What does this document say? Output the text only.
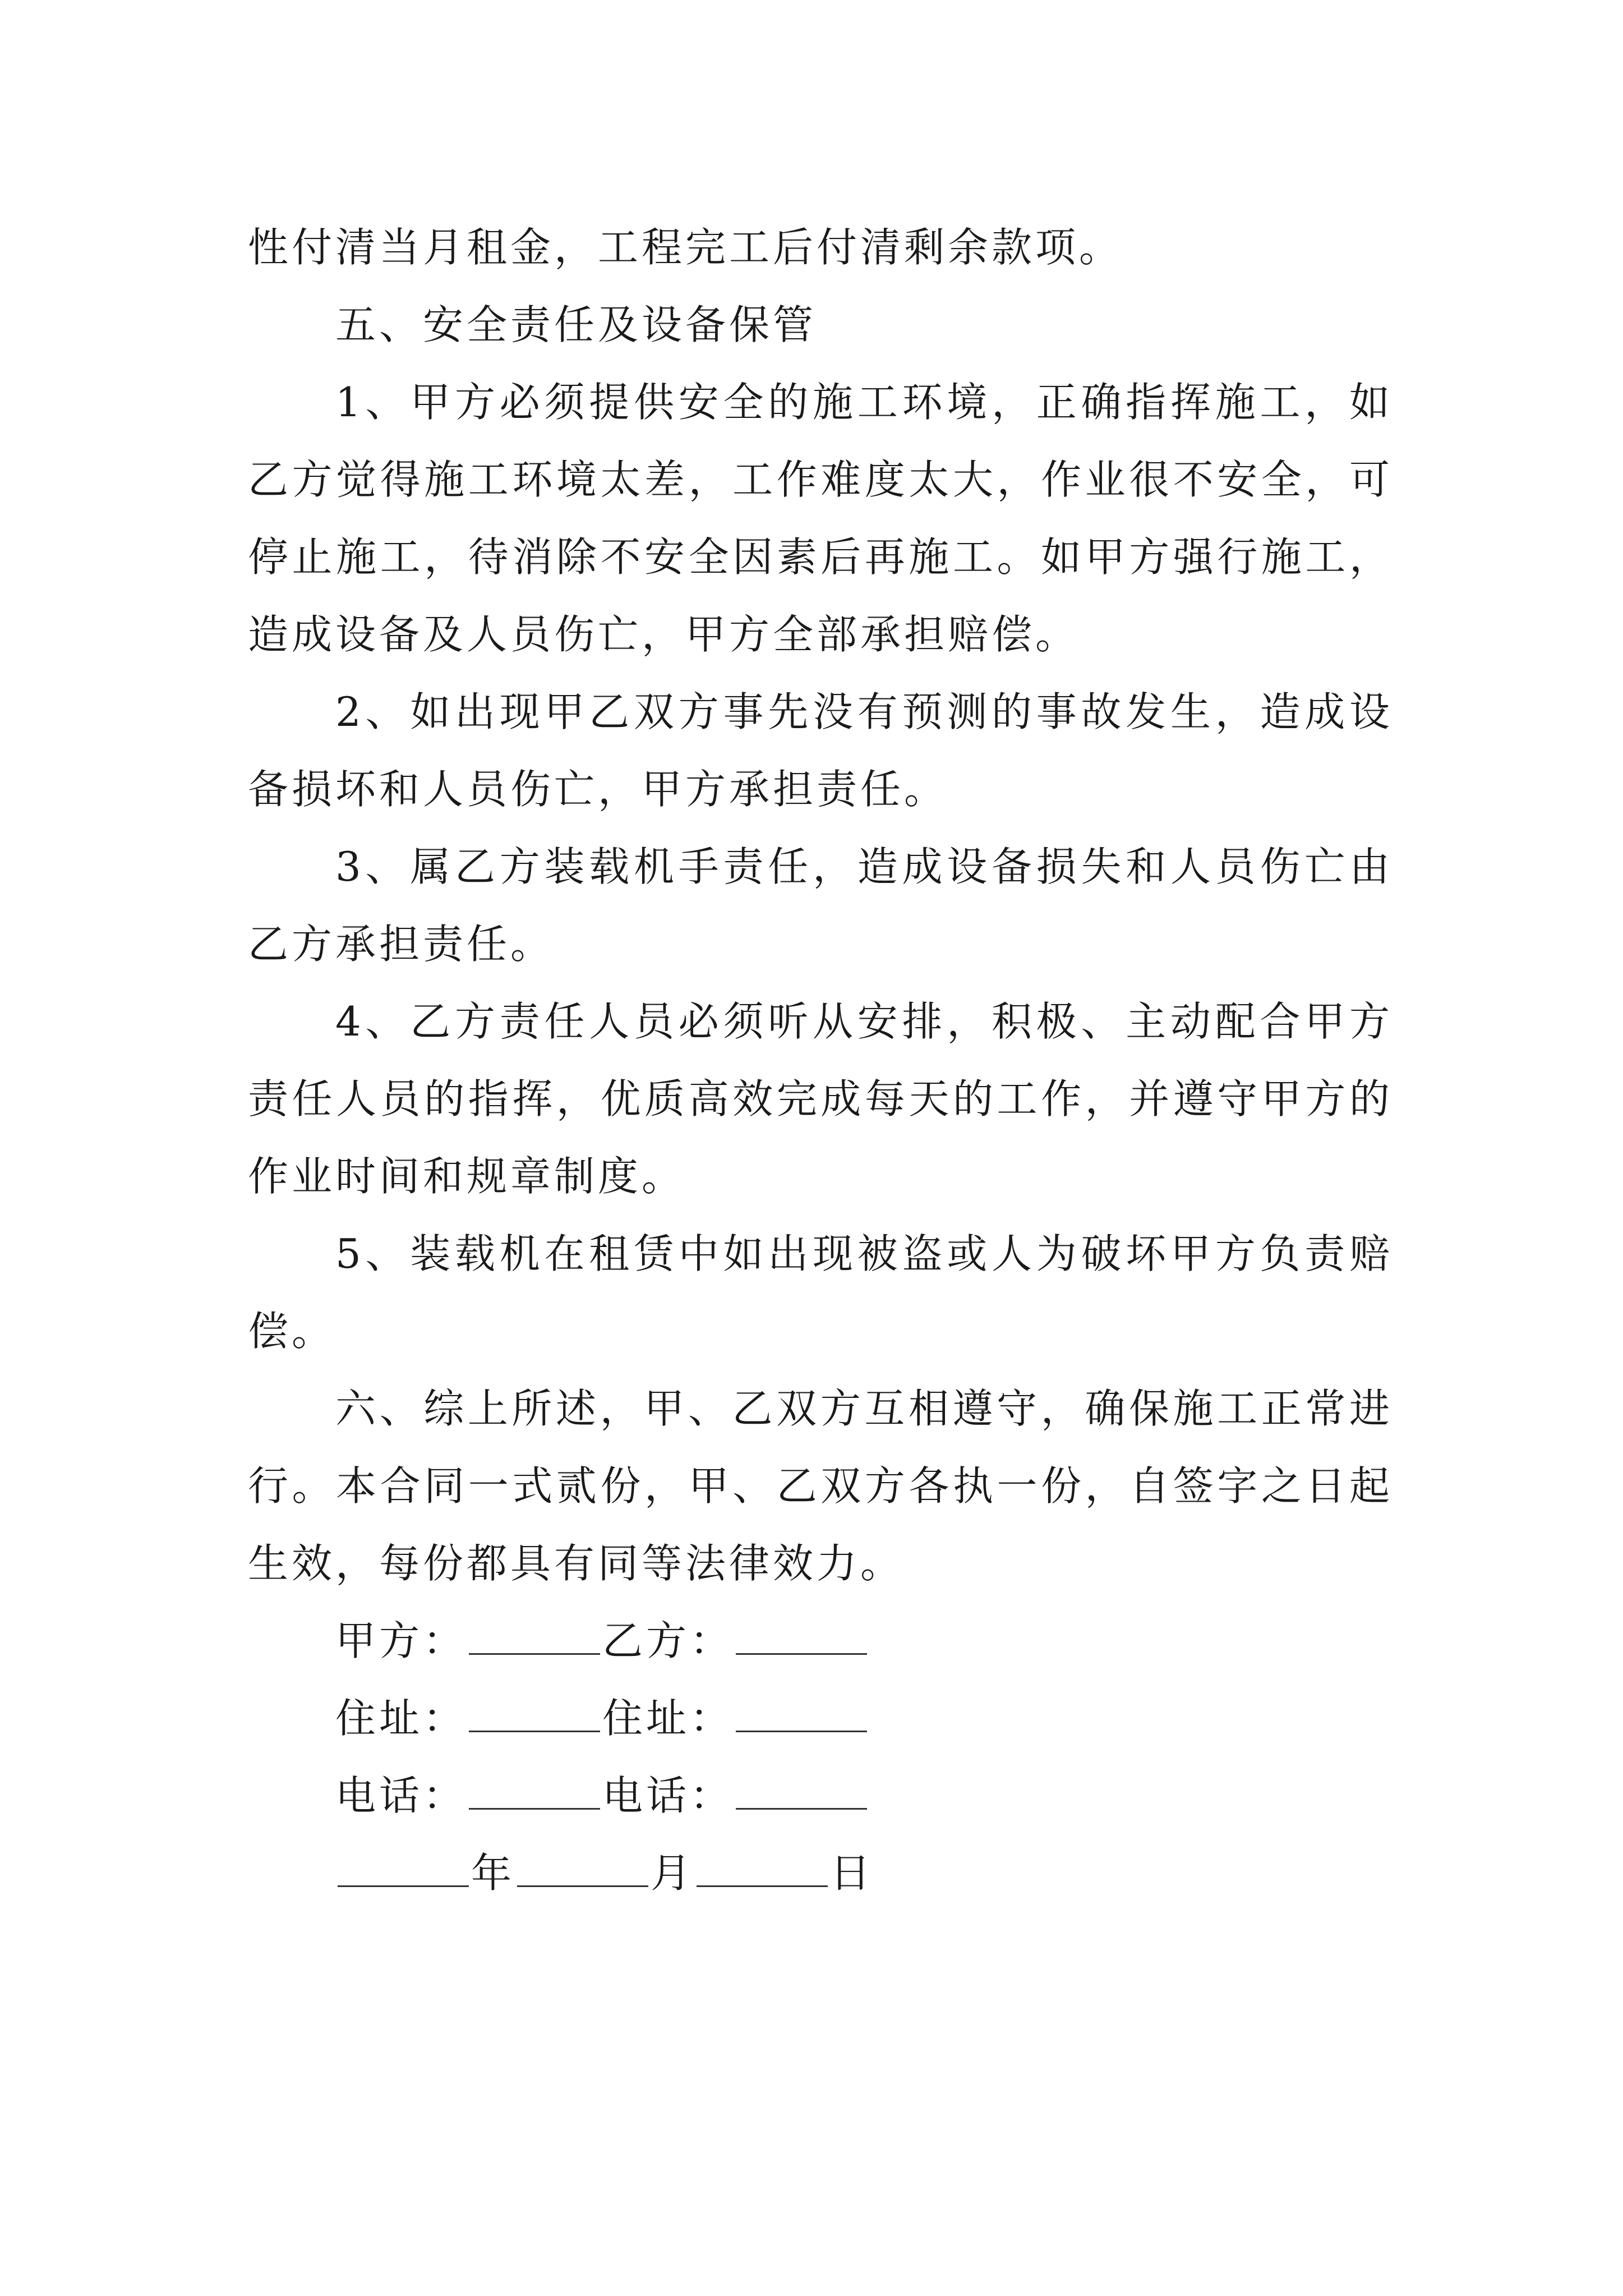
性付清当月租金，工程完工后付清剩余款项。

五、安全责任及设备保管

1、甲方必须提供安全的施工环境，正确指挥施工，如乙方觉得施工环境太差，工作难度太大，作业很不安全，可停止施工，待消除不安全因素后再施工。如甲方强行施工，造成设备及人员伤亡，甲方全部承担赔偿。

2、如出现甲乙双方事先没有预测的事故发生，造成设备损坏和人员伤亡，甲方承担责任。

3、属乙方装载机手责任，造成设备损失和人员伤亡由乙方承担责任。

4、乙方责任人员必须听从安排，积极、主动配合甲方责任人员的指挥，优质高效完成每天的工作，并遵守甲方的作业时间和规章制度。

5、装载机在租赁中如出现被盗或人为破坏甲方负责赔偿。

六、综上所述，甲、乙双方互相遵守，确保施工正常进行。本合同一式贰份，甲、乙双方各执一份，自签字之日起生效，每份都具有同等法律效力。

甲方：	乙方：
住址：	住址：
电话：	电话：
年	月	日
